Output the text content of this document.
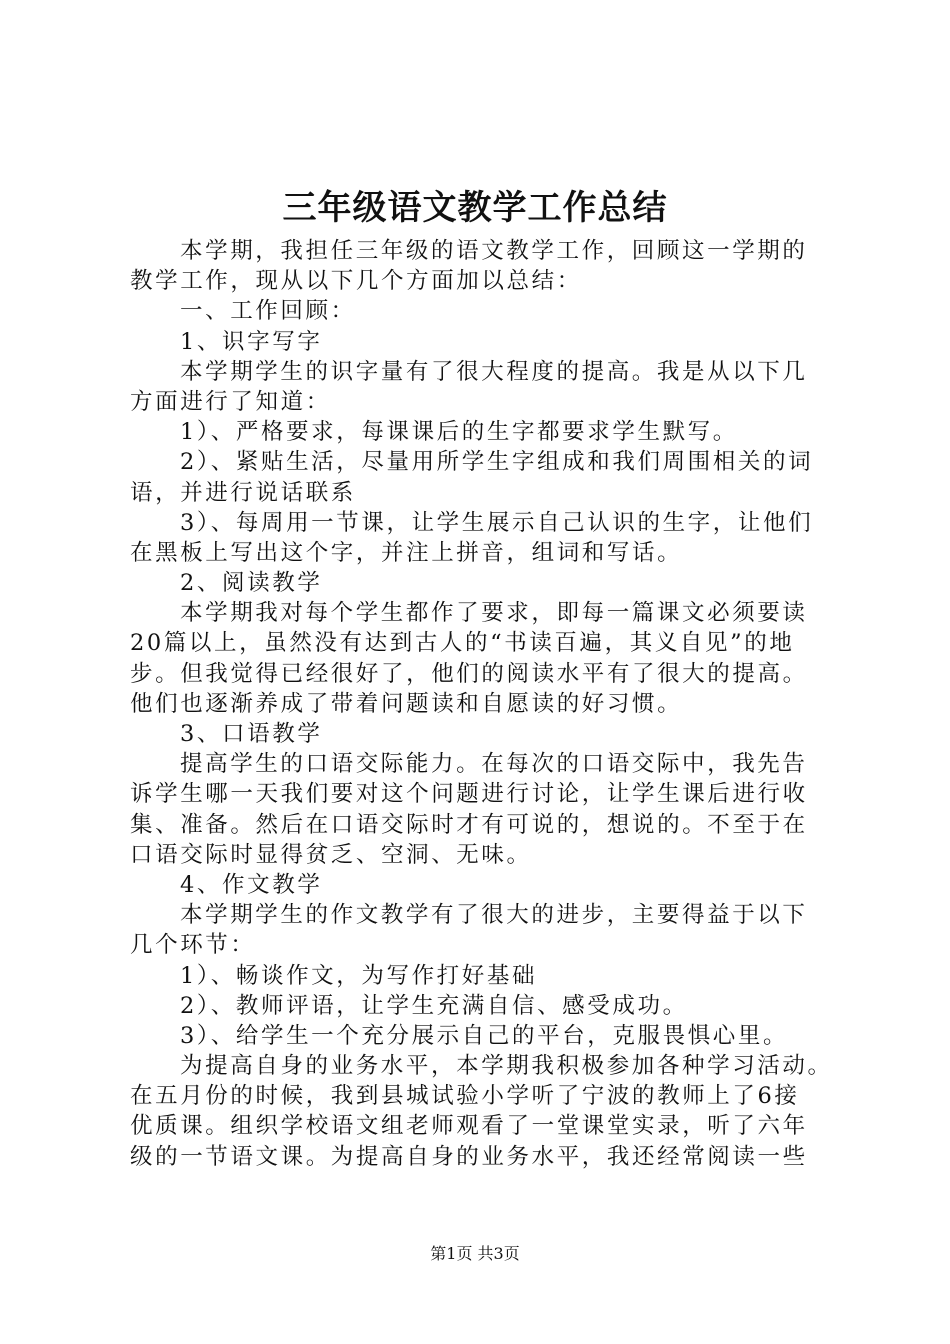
三年级语文教学工作总结
本学期，我担任三年级的语文教学工作，回顾这一学期的
教学工作，现从以下几个方面加以总结：
一、工作回顾：
1、识字写字
本学期学生的识字量有了很大程度的提高。我是从以下几
方面进行了知道：
1）、严格要求，每课课后的生字都要求学生默写。
2）、紧贴生活，尽量用所学生字组成和我们周围相关的词
语，并进行说话联系
3）、每周用一节课，让学生展示自己认识的生字，让他们
在黑板上写出这个字，并注上拼音，组词和写话。
2、阅读教学
本学期我对每个学生都作了要求，即每一篇课文必须要读
20篇以上，虽然没有达到古人的“书读百遍，其义自见”的地
步。但我觉得已经很好了，他们的阅读水平有了很大的提高。
他们也逐渐养成了带着问题读和自愿读的好习惯。
3、口语教学
提高学生的口语交际能力。在每次的口语交际中，我先告
诉学生哪一天我们要对这个问题进行讨论，让学生课后进行收
集、准备。然后在口语交际时才有可说的，想说的。不至于在
口语交际时显得贫乏、空洞、无味。
4、作文教学
本学期学生的作文教学有了很大的进步，主要得益于以下
几个环节：
1）、畅谈作文，为写作打好基础
2）、教师评语，让学生充满自信、感受成功。
3）、给学生一个充分展示自己的平台，克服畏惧心里。
为提高自身的业务水平，本学期我积极参加各种学习活动。
在五月份的时候，我到县城试验小学听了宁波的教师上了6接
优质课。组织学校语文组老师观看了一堂课堂实录，听了六年
级的一节语文课。为提高自身的业务水平，我还经常阅读一些
第1页 共3页
